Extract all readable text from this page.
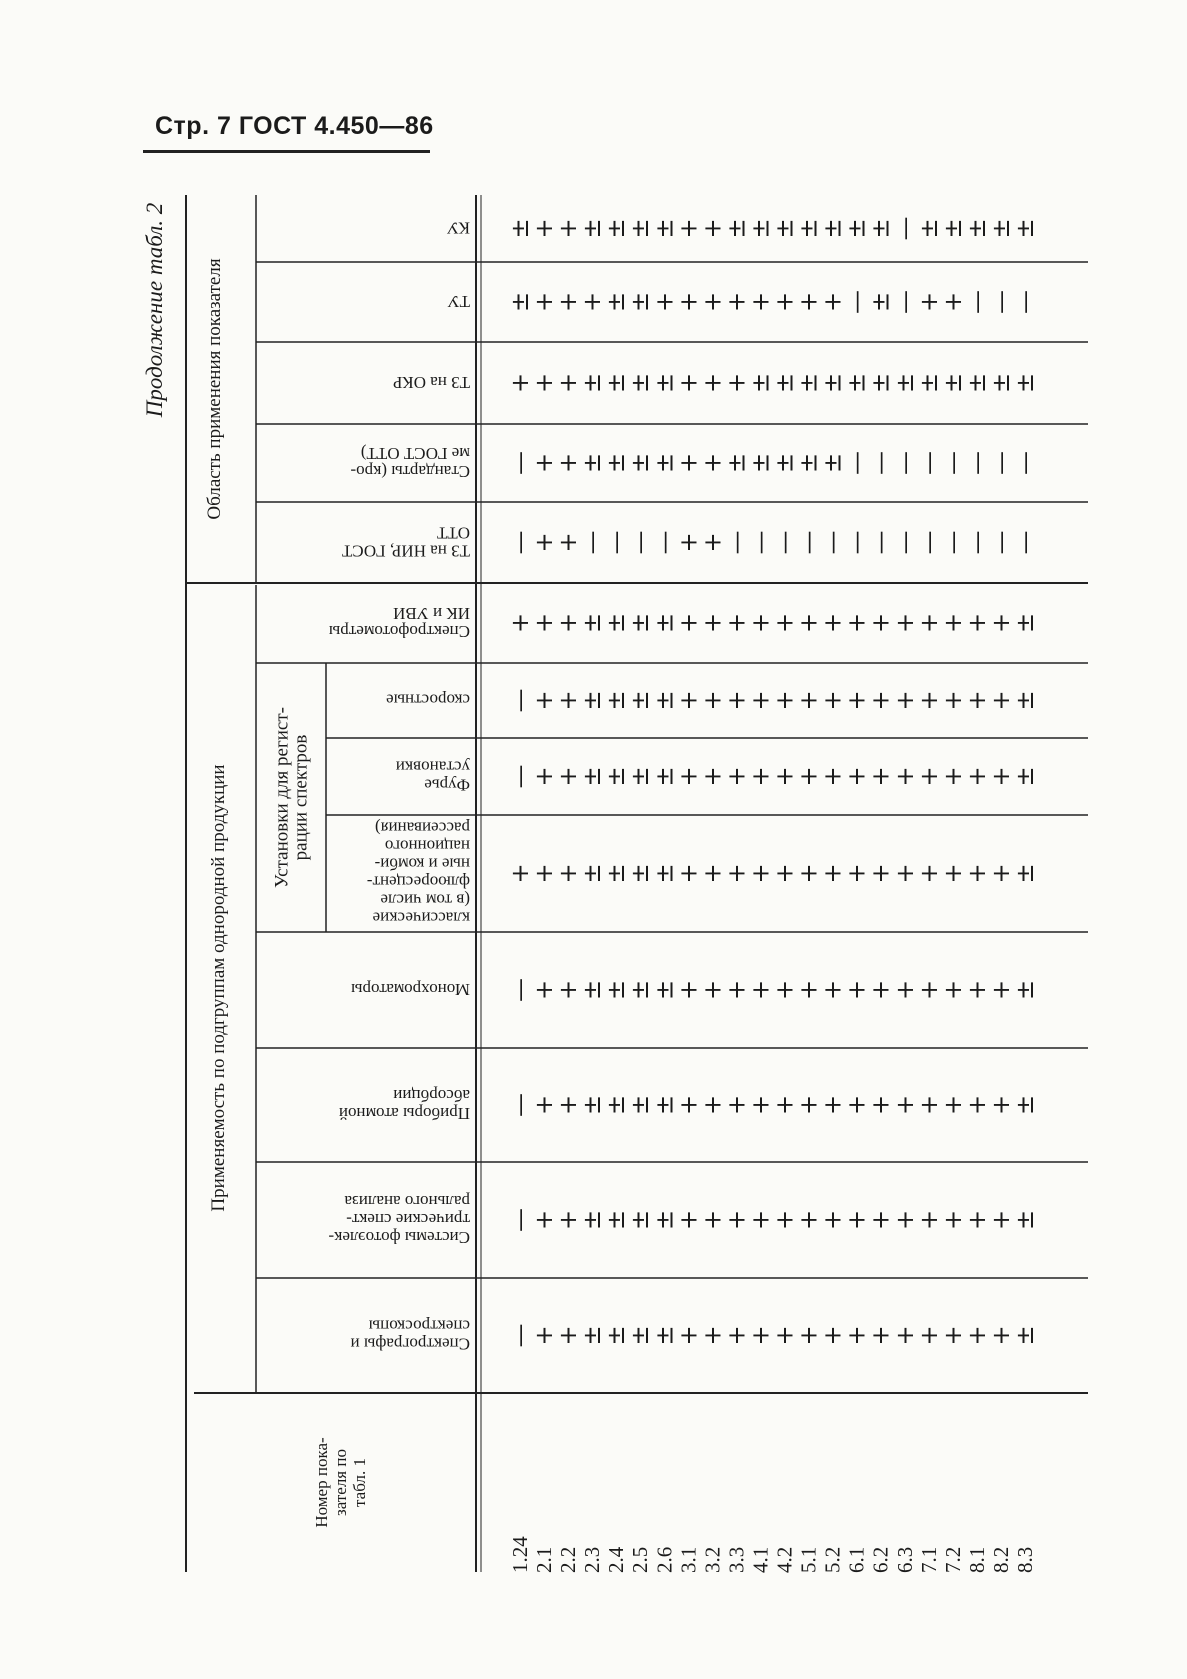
Стр. 7 ГОСТ 4.450—86
Продолжение табл. 2 Область применения показателя
Применяемость по подгруппам однородной продукции Установки для регист-рации спектров
Номер пока-зателя потабл. 1
КУ
ТУ
ТЗ на ОКР
Стандарты (кро-ме ГОСТ ОТТ)
ТЗ на НИР, ГОСТОТТ
СпектрофотометрыИК и УВИ
скоростные
Фурьеустановки
классические(в том числефлюоресцент-ные и комби-национногорассеивания)
Монохроматоры
Приборы атомнойабсорбции
Системы фотоэлек-трические спект-рального анализа
Спектрографы испектроскопы
1.24 2.1 2.2 2.3 2.4 2.5 2.6 3.1 3.2 3.3 4.1 4.2 5.1 5.2 6.1 6.2 6.3 7.1 7.2 8.1 8.2 8.3
±
+
+
±
±
±
±
+
+
±
±
±
±
±
±
±
—
±
±
±
±
±
±
+
+
+
±
±
+
+
+
+
+
+
+
+
—
±
—
+
+
—
—
—
+
+
+
±
±
±
±
+
+
+
±
±
±
±
±
±
±
±
±
±
±
±
—
+
+
±
±
±
±
+
+
±
±
±
±
±
—
—
—
—
—
—
—
—
—
+
+
—
—
—
—
+
+
—
—
—
—
—
—
—
—
—
—
—
—
—
+
+
+
±
±
±
±
+
+
+
+
+
+
+
+
+
+
+
+
+
+
±
—
+
+
±
±
±
±
+
+
+
+
+
+
+
+
+
+
+
+
+
+
±
—
+
+
±
±
±
±
+
+
+
+
+
+
+
+
+
+
+
+
+
+
±
+
+
+
±
±
±
±
+
+
+
+
+
+
+
+
+
+
+
+
+
+
±
—
+
+
±
±
±
±
+
+
+
+
+
+
+
+
+
+
+
+
+
+
±
—
+
+
±
±
±
±
+
+
+
+
+
+
+
+
+
+
+
+
+
+
±
—
+
+
±
±
±
±
+
+
+
+
+
+
+
+
+
+
+
+
+
+
±
—
+
+
±
±
±
±
+
+
+
+
+
+
+
+
+
+
+
+
+
+
±
